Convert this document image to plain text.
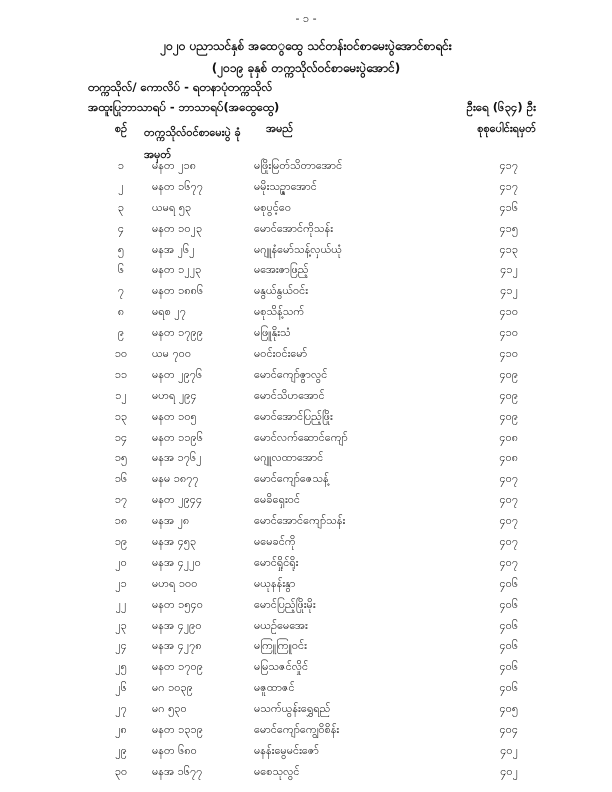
- ၁ -
၂၀၂၀ ပညာသင်နှစ် အထေွထွေ သင်တန်းဝင်စာမေးပွဲအောင်စာရင်း
(၂၀၁၉ ခုနှစ် တက္ကသိုလ်ဝင်စာမေးပွဲအောင်)
တက္ကသိုလ်/ ကောလိပ် - ရတနာပုံတက္ကသိုလ်
အထူးပြုဘာသာရပ် - ဘာသာရပ်(အထွေထွေ)	ဦးရေ (၆၃၄) ဦး
စဉ်	တက္ကသိုလ်ဝင်စာမေးပွဲ ခုံအမှတ်
အမည်	စုစုပေါင်းရမှတ်
၁	မနတ ၂၁၈	မဖြိုးမြတ်သိတာအောင်	၄၁၇
၂	မနတ ၁၆၇၇	မမိုးသဉ္ဇာအောင်	၄၁၇
၃	ယမရ ၅၃	မစုပွင့်ဝေ	၄၁၆
၄	မနတ ၁၀၂၃	မောင်အောင်ကိုသန်း	၄၁၅
၅	မနအ ၂၆၂	မဂျူနံမော်သန့်လှယ်ယုံ	၄၁၃
၆	မနတ ၁၂၂၃	မအေးဇာဖြည့်	၄၁၂
၇	မနတ ၁၈၈၆	မနွယ်နွယ်ဝင်း	၄၁၂
၈	မရစ ၂၇	မစုသိန့်သက်	၄၁၀
၉	မနတ ၁၇၉၉	မဖြူနိုးသံ	၄၁၀
၁၀	ယမ ၇၀၀	မဝင်းဝင်းမော်	၄၁၀
၁၁	မနတ ၂၉၇၆	မောင်ကျော်ဇွာလွင်	၄၀၉
၁၂	မဟရ ၂၉၄	မောင်သိဟအောင်	၄၀၉
၁၃	မနတ ၁၀၅	မောင်အောင်ပြည့်ဖြိုး	၄၀၉
၁၄	မနတ ၁၁၉၆	မောင်လက်ဆောင်ကျော်	၄၀၈
၁၅	မနအ ၁၇၆၂	မဂျူလထာအောင်	၄၀၈
၁၆	မနမ ၁၈၇၇	မောင်ကျော်ဇေသန့်	၄၀၇
၁၇	မနတ ၂၉၄၄	မေခိရှေးဝင်	၄၀၇
၁၈	မနအ ၂၈	မောင်အောင်ကျော်သန်း	၄၀၇
၁၉	မနအ ၄၅၃	မမေခင်ကို	၄၀၇
၂၀	မနအ ၄၂၂၀	မောင်ရှိုင်ရိုး	၄၀၇
၂၁	မဟရ ၁၀၀	မယုနန်းနွာ	၄၀၆
၂၂	မနတ ၁၅၄၀	မောင်ပြည့်ဖြိုးမိုး	၄၀၆
၂၃	မနအ ၄၂၉၀	မယဉ်မေအေး	၄၀၆
၂၄	မနအ ၄၂၇၈	မကြူကြူဝင်း	၄၀၆
၂၅	မနတ ၁၇၀၉	မမြသဇင်လှိုင်	၄၀၆
၂၆	မဂ ၁၀၃၉	မဇူထာဇင်	၄၀၆
၂၇	မဂ ၅၃၀	မသက်ယွန်းရွှေရည်	၄၀၅
၂၈	မနတ ၁၃၁၉	မောင်ကျော်ကျွေဝိစိန်း	၄၀၄
၂၉	မနတ ၆၈၀	မနန်းမွေမင်းဇော်	၄၀၂
၃၀	မနအ ၁၆၇၇	မစေသုလွင်	၄၀၂
